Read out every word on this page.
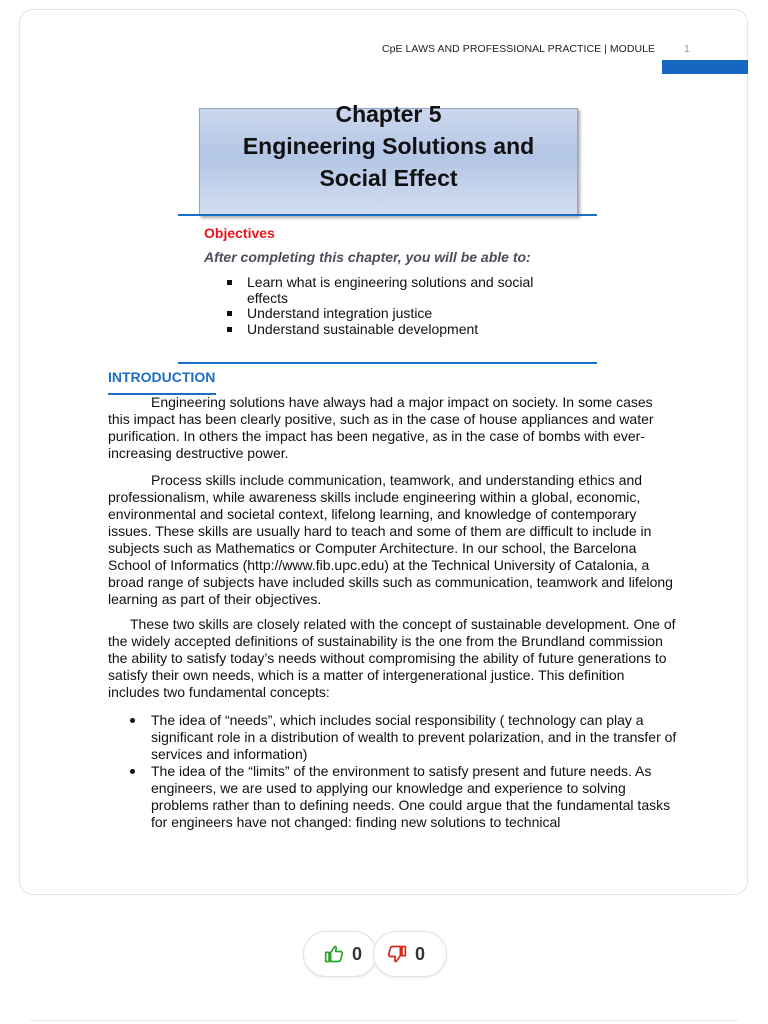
CpE LAWS AND PROFESSIONAL PRACTICE | MODULE	1
Chapter 5
Engineering Solutions and
Social Effect
Objectives
After completing this chapter, you will be able to:
Learn what is engineering solutions and social effects
Understand integration justice
Understand sustainable development
INTRODUCTION

Engineering solutions have always had a major impact on society. In some cases this impact has been clearly positive, such as in the case of house appliances and water purification. In others the impact has been negative, as in the case of bombs with ever-increasing destructive power.

Process skills include communication, teamwork, and understanding ethics and professionalism, while awareness skills include engineering within a global, economic, environmental and societal context, lifelong learning, and knowledge of contemporary issues. These skills are usually hard to teach and some of them are difficult to include in subjects such as Mathematics or Computer Architecture. In our school, the Barcelona School of Informatics (http://www.fib.upc.edu) at the Technical University of Catalonia, a broad range of subjects have included skills such as communication, teamwork and lifelong learning as part of their objectives.

These two skills are closely related with the concept of sustainable development. One of the widely accepted definitions of sustainability is the one from the Brundland commission the ability to satisfy today’s needs without compromising the ability of future generations to satisfy their own needs, which is a matter of intergenerational justice. This definition includes two fundamental concepts:

The idea of “needs”, which includes social responsibility ( technology can play a significant role in a distribution of wealth to prevent polarization, and in the transfer of services and information)
The idea of the “limits” of the environment to satisfy present and future needs. As engineers, we are used to applying our knowledge and experience to solving problems rather than to defining needs. One could argue that the fundamental tasks for engineers have not changed: finding new solutions to technical
0	0
